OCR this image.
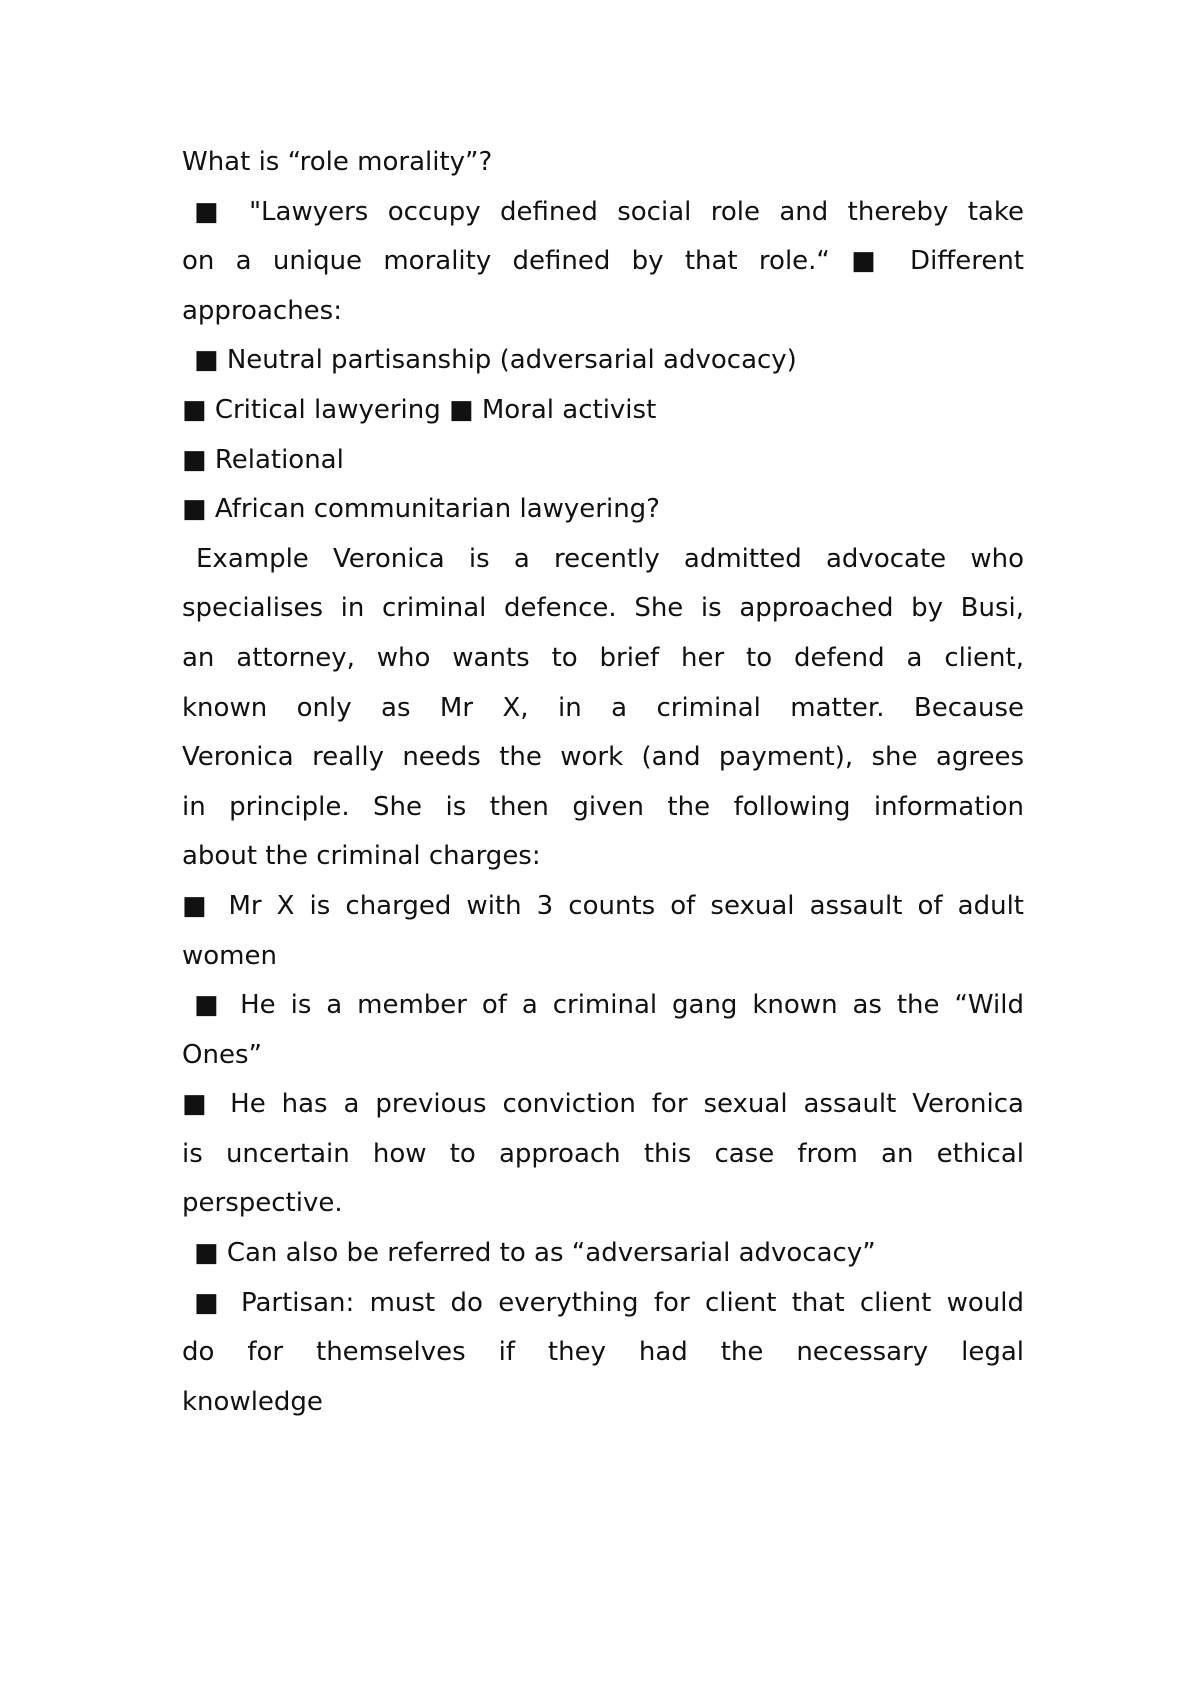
What is “role morality”?
■ "Lawyers occupy defined social role and thereby take
on a unique morality defined by that role.“ ■ Different
approaches:
■ Neutral partisanship (adversarial advocacy)
■ Critical lawyering ■ Moral activist
■ Relational
■ African communitarian lawyering?
Example Veronica is a recently admitted advocate who
specialises in criminal defence. She is approached by Busi,
an attorney, who wants to brief her to defend a client,
known only as Mr X, in a criminal matter. Because
Veronica really needs the work (and payment), she agrees
in principle. She is then given the following information
about the criminal charges:
■ Mr X is charged with 3 counts of sexual assault of adult
women
■ He is a member of a criminal gang known as the “Wild
Ones”
■ He has a previous conviction for sexual assault Veronica
is uncertain how to approach this case from an ethical
perspective.
■ Can also be referred to as “adversarial advocacy”
■ Partisan: must do everything for client that client would
do for themselves if they had the necessary legal
knowledge
